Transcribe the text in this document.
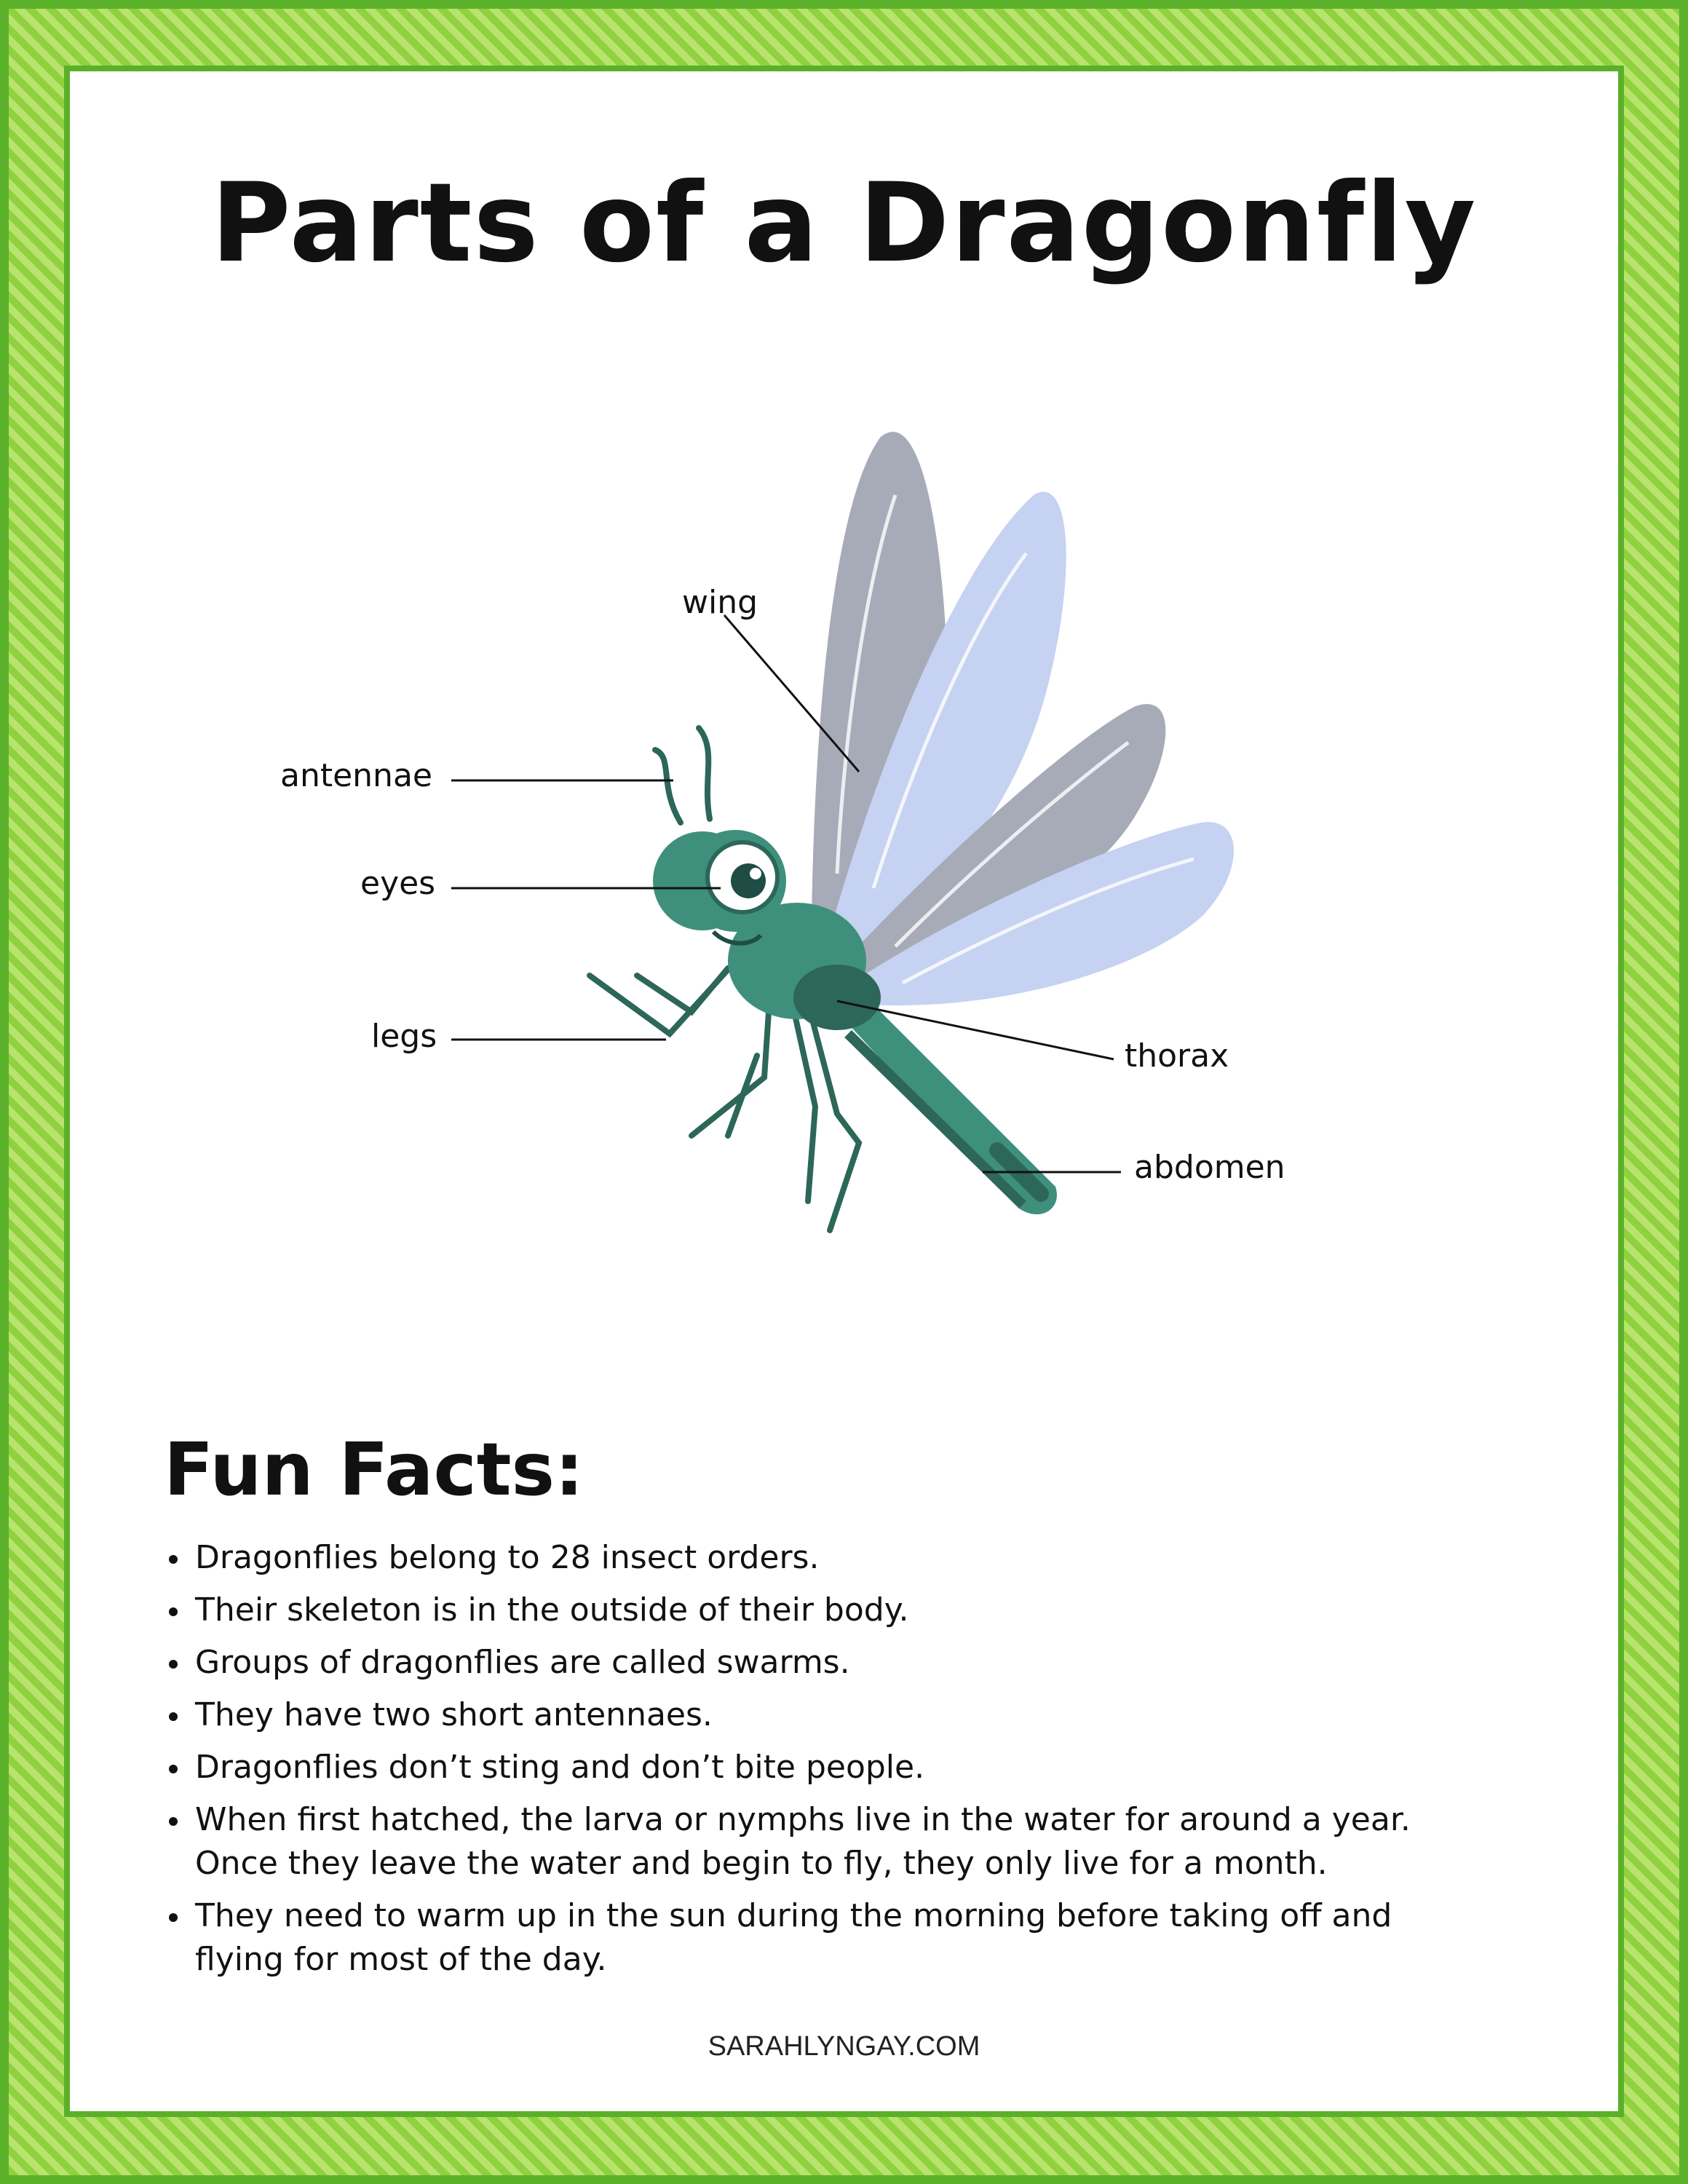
Parts of a Dragonfly
wing
antennae
eyes
legs
thorax
abdomen
Fun Facts:
Dragonflies belong to 28 insect orders.
Their skeleton is in the outside of their body.
Groups of dragonflies are called swarms.
They have two short antennaes.
Dragonflies don’t sting and don’t bite people.
When first hatched, the larva or nymphs live in the water for around a year.
Once they leave the water and begin to fly, they only live for a month.
They need to warm up in the sun during the morning before taking off and
flying for most of the day.
SARAHLYNGAY.COM
